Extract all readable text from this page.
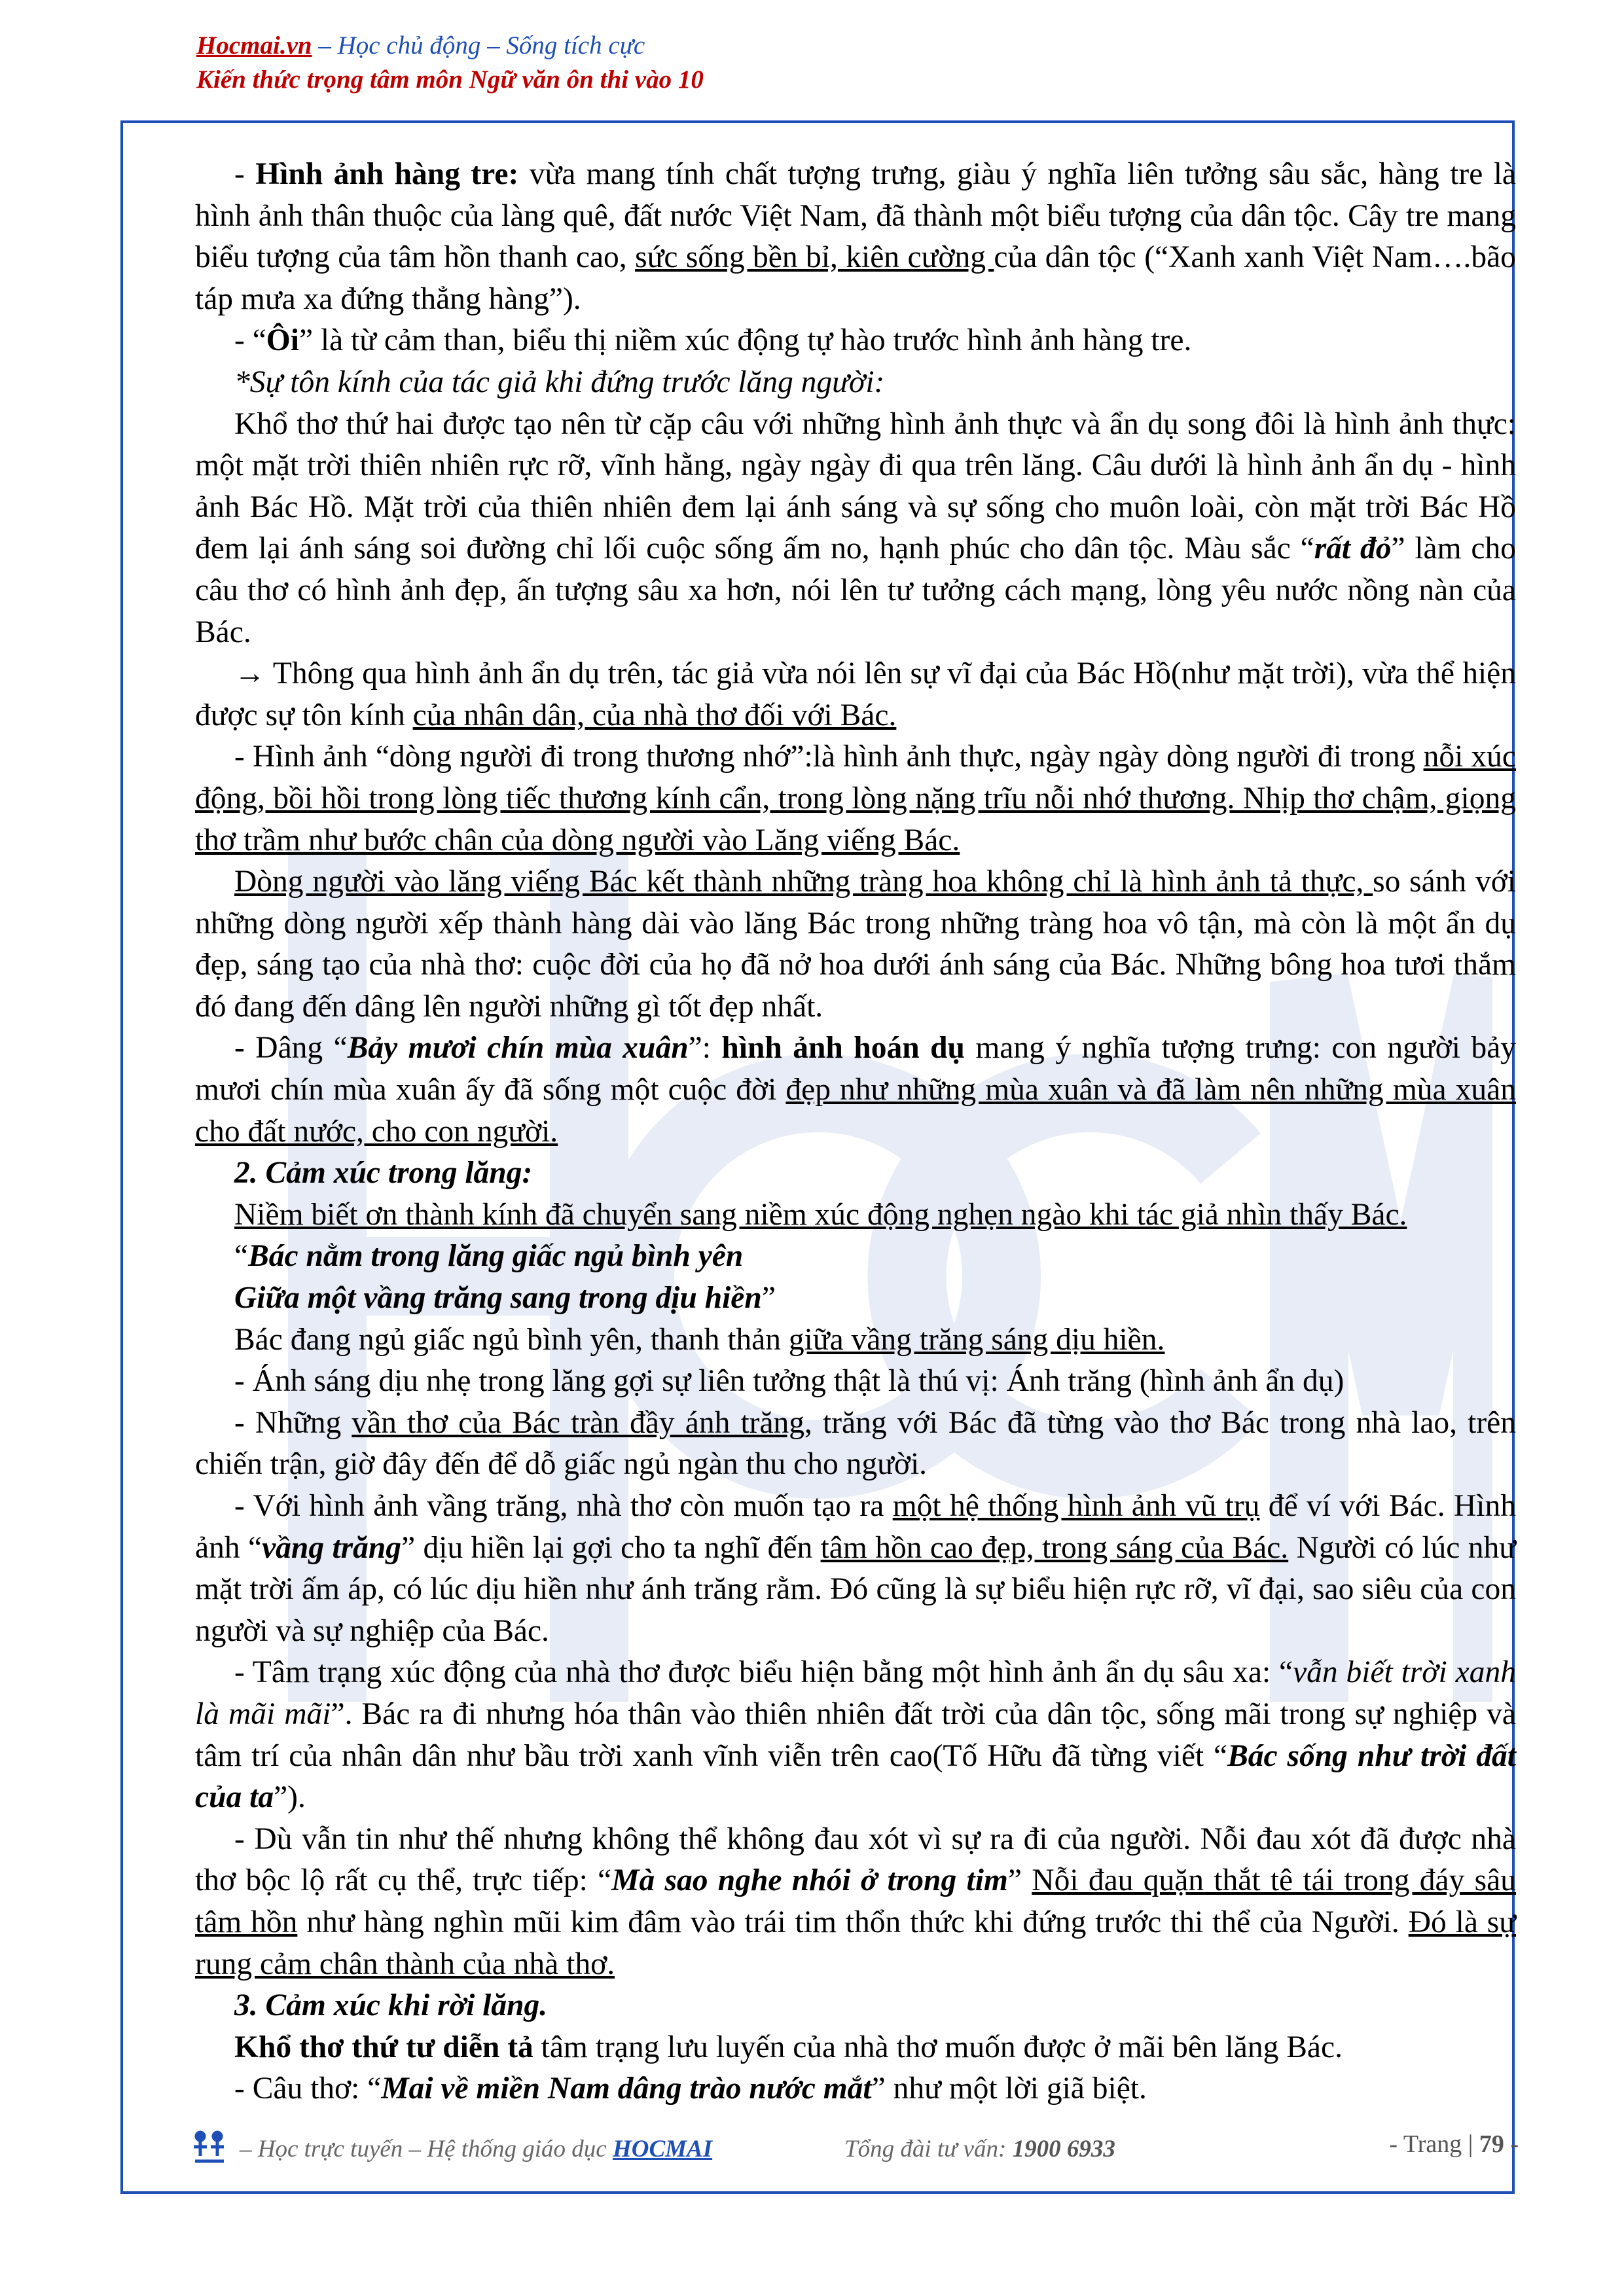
Hocmai.vn – Học chủ động – Sống tích cực
Kiến thức trọng tâm môn Ngữ văn ôn thi vào 10

- Hình ảnh hàng tre: vừa mang tính chất tượng trưng, giàu ý nghĩa liên tưởng sâu sắc, hàng tre là hình ảnh thân thuộc của làng quê, đất nước Việt Nam, đã thành một biểu tượng của dân tộc. Cây tre mang biểu tượng của tâm hồn thanh cao, sức sống bền bỉ, kiên cường của dân tộc (“Xanh xanh Việt Nam….bão táp mưa xa đứng thẳng hàng”).

- “Ôi” là từ cảm than, biểu thị niềm xúc động tự hào trước hình ảnh hàng tre.

*Sự tôn kính của tác giả khi đứng trước lăng người:

Khổ thơ thứ hai được tạo nên từ cặp câu với những hình ảnh thực và ẩn dụ song đôi là hình ảnh thực: một mặt trời thiên nhiên rực rỡ, vĩnh hằng, ngày ngày đi qua trên lăng. Câu dưới là hình ảnh ẩn dụ - hình ảnh Bác Hồ. Mặt trời của thiên nhiên đem lại ánh sáng và sự sống cho muôn loài, còn mặt trời Bác Hồ đem lại ánh sáng soi đường chỉ lối cuộc sống ấm no, hạnh phúc cho dân tộc. Màu sắc “rất đỏ” làm cho câu thơ có hình ảnh đẹp, ấn tượng sâu xa hơn, nói lên tư tưởng cách mạng, lòng yêu nước nồng nàn của Bác.

→ Thông qua hình ảnh ẩn dụ trên, tác giả vừa nói lên sự vĩ đại của Bác Hồ(như mặt trời), vừa thể hiện được sự tôn kính của nhân dân, của nhà thơ đối với Bác.

- Hình ảnh “dòng người đi trong thương nhớ”:là hình ảnh thực, ngày ngày dòng người đi trong nỗi xúc động, bồi hồi trong lòng tiếc thương kính cẩn, trong lòng nặng trĩu nỗi nhớ thương. Nhịp thơ chậm, giọng thơ trầm như bước chân của dòng người vào Lăng viếng Bác.

Dòng người vào lăng viếng Bác kết thành những tràng hoa không chỉ là hình ảnh tả thực, so sánh với những dòng người xếp thành hàng dài vào lăng Bác trong những tràng hoa vô tận, mà còn là một ẩn dụ đẹp, sáng tạo của nhà thơ: cuộc đời của họ đã nở hoa dưới ánh sáng của Bác. Những bông hoa tươi thắm đó đang đến dâng lên người những gì tốt đẹp nhất.

- Dâng “Bảy mươi chín mùa xuân”: hình ảnh hoán dụ mang ý nghĩa tượng trưng: con người bảy mươi chín mùa xuân ấy đã sống một cuộc đời đẹp như những mùa xuân và đã làm nên những mùa xuân cho đất nước, cho con người.

2. Cảm xúc trong lăng:

Niềm biết ơn thành kính đã chuyển sang niềm xúc động nghẹn ngào khi tác giả nhìn thấy Bác.

“Bác nằm trong lăng giấc ngủ bình yên

Giữa một vầng trăng sang trong dịu hiền”

Bác đang ngủ giấc ngủ bình yên, thanh thản giữa vầng trăng sáng dịu hiền.

- Ánh sáng dịu nhẹ trong lăng gợi sự liên tưởng thật là thú vị: Ánh trăng (hình ảnh ẩn dụ)

- Những vần thơ của Bác tràn đầy ánh trăng, trăng với Bác đã từng vào thơ Bác trong nhà lao, trên chiến trận, giờ đây đến để dỗ giấc ngủ ngàn thu cho người.

- Với hình ảnh vầng trăng, nhà thơ còn muốn tạo ra một hệ thống hình ảnh vũ trụ để ví với Bác. Hình ảnh “vầng trăng” dịu hiền lại gợi cho ta nghĩ đến tâm hồn cao đẹp, trong sáng của Bác. Người có lúc như mặt trời ấm áp, có lúc dịu hiền như ánh trăng rằm. Đó cũng là sự biểu hiện rực rỡ, vĩ đại, sao siêu của con người và sự nghiệp của Bác.

- Tâm trạng xúc động của nhà thơ được biểu hiện bằng một hình ảnh ẩn dụ sâu xa: “vẫn biết trời xanh là mãi mãi”. Bác ra đi nhưng hóa thân vào thiên nhiên đất trời của dân tộc, sống mãi trong sự nghiệp và tâm trí của nhân dân như bầu trời xanh vĩnh viễn trên cao(Tố Hữu đã từng viết “Bác sống như trời đất của ta”).

- Dù vẫn tin như thế nhưng không thể không đau xót vì sự ra đi của người. Nỗi đau xót đã được nhà thơ bộc lộ rất cụ thể, trực tiếp: “Mà sao nghe nhói ở trong tim” Nỗi đau quặn thắt tê tái trong đáy sâu tâm hồn như hàng nghìn mũi kim đâm vào trái tim thổn thức khi đứng trước thi thể của Người. Đó là sự rung cảm chân thành của nhà thơ.

3. Cảm xúc khi rời lăng.

Khổ thơ thứ tư diễn tả tâm trạng lưu luyến của nhà thơ muốn được ở mãi bên lăng Bác.

- Câu thơ: “Mai về miền Nam dâng trào nước mắt” như một lời giã biệt.

– Học trực tuyến – Hệ thống giáo dục HOCMAI	Tổng đài tư vấn: 1900 6933	- Trang | 79 -
